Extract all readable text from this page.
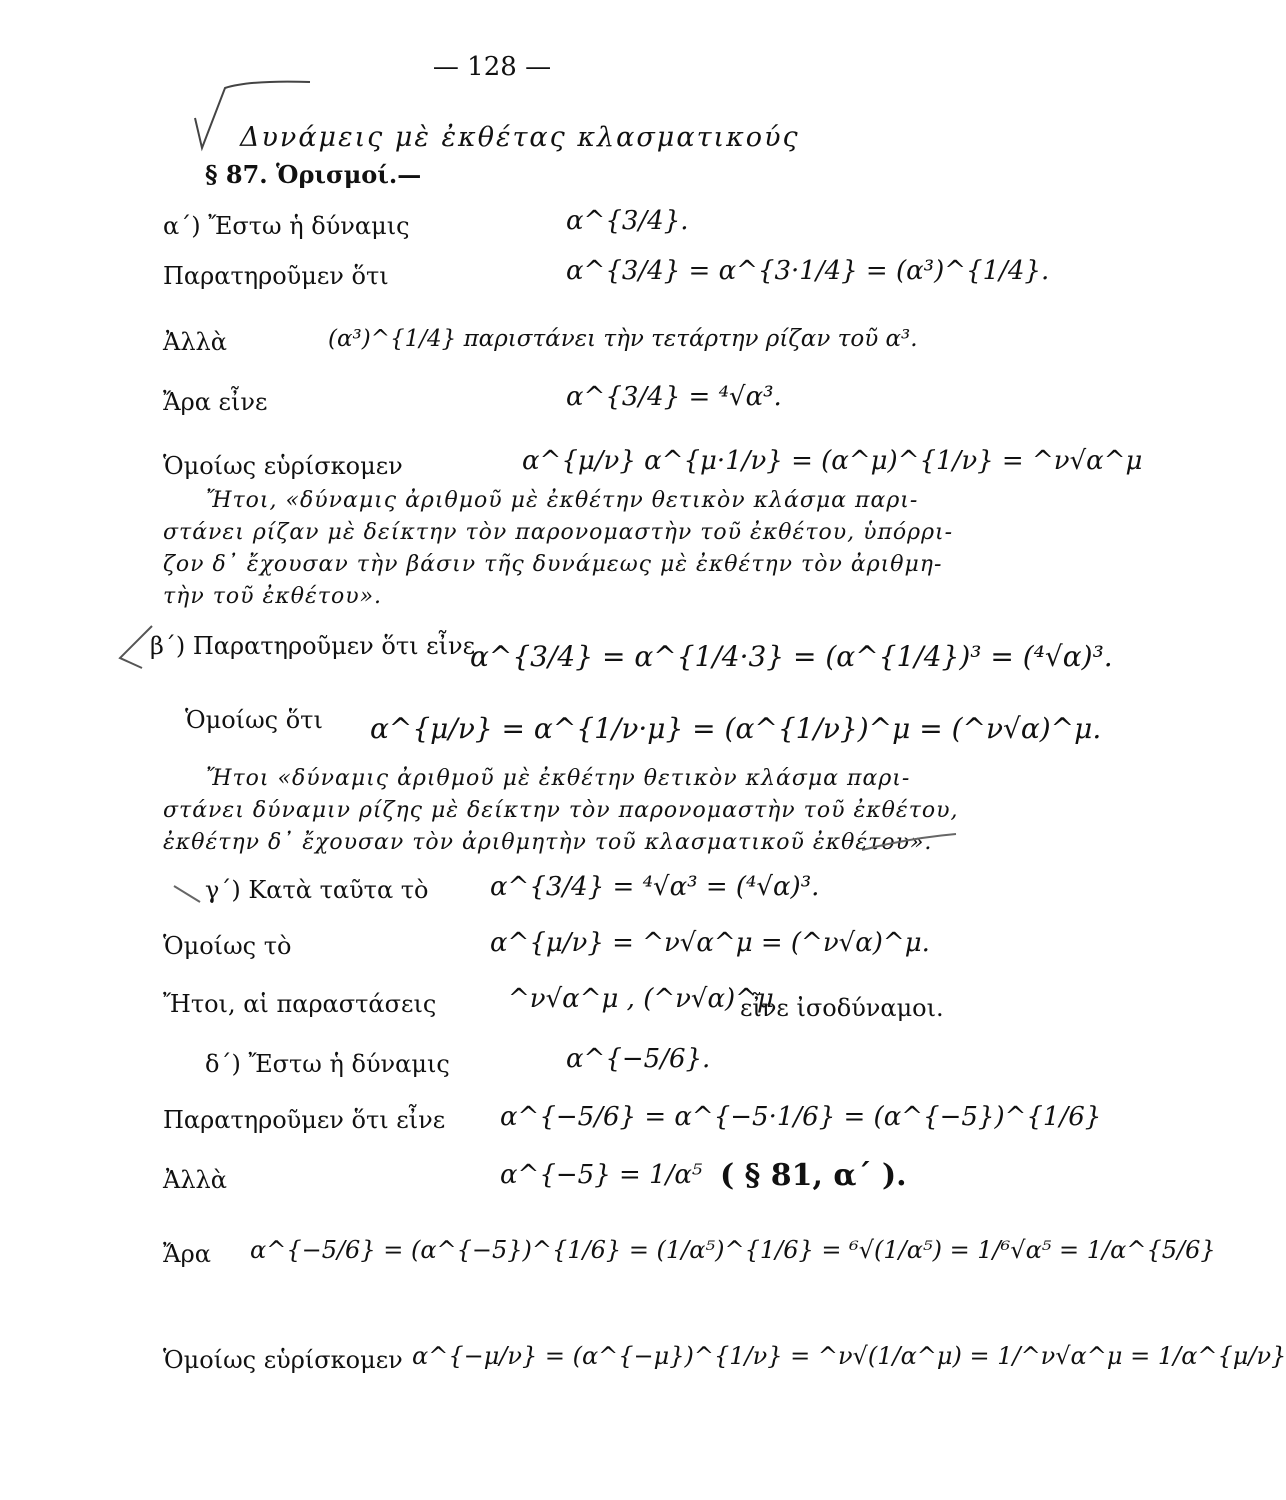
— 128 —
Δυνάμεις μὲ ἐκθέτας κλασματικούς
§ 87. Ὁρισμοί.—
α΄) Ἔστω ἡ δύναμις	α^{3/4}.
Παρατηροῦμεν ὅτι	α^{3/4} = α^{3·1/4} = (α³)^{1/4}.
Ἀλλὰ	(α³)^{1/4} παριστάνει τὴν τετάρτην ρίζαν τοῦ α³.
Ἄρα εἶνε	α^{3/4} = ⁴√α³.
Ὁμοίως εὑρίσκομεν	α^{μ/ν} α^{μ·1/ν} = (α^μ)^{1/ν} = ^ν√α^μ
Ἤτοι, «δύναμις ἀριθμοῦ μὲ ἐκθέτην θετικὸν κλάσμα παρι-
στάνει ρίζαν μὲ δείκτην τὸν παρονομαστὴν τοῦ ἐκθέτου, ὑπόρρι-
ζον δ᾽ ἔχουσαν τὴν βάσιν τῆς δυνάμεως μὲ ἐκθέτην τὸν ἀριθμη-
τὴν τοῦ ἐκθέτου».
β΄) Παρατηροῦμεν ὅτι εἶνε
α^{3/4} = α^{1/4·3} = (α^{1/4})³ = (⁴√α)³.
Ὁμοίως ὅτι α^{μ/ν} = α^{1/ν·μ} = (α^{1/ν})^μ = (^ν√α)^μ.
Ἤτοι «δύναμις ἀριθμοῦ μὲ ἐκθέτην θετικὸν κλάσμα παρι-
στάνει δύναμιν ρίζης μὲ δείκτην τὸν παρονομαστὴν τοῦ ἐκθέτου,
ἐκθέτην δ᾽ ἔχουσαν τὸν ἀριθμητὴν τοῦ κλασματικοῦ ἐκθέτου».
γ΄) Κατὰ ταῦτα τὸ α^{3/4} = ⁴√α³ = (⁴√α)³.
Ὁμοίως τὸ	α^{μ/ν} = ^ν√α^μ = (^ν√α)^μ.
Ἤτοι, αἱ παραστάσεις	^ν√α^μ , (^ν√α)^μ
εἶνε ἰσοδύναμοι.
δ΄) Ἔστω ἡ δύναμις	α^{−5/6}.
Παρατηροῦμεν ὅτι εἶνε α^{−5/6} = α^{−5·1/6} = (α^{−5})^{1/6}
Ἀλλὰ	α^{−5} = 1/α⁵ ( § 81, α΄ ).
Ἄρα α^{−5/6} = (α^{−5})^{1/6} = (1/α⁵)^{1/6} = ⁶√(1/α⁵) = 1/⁶√α⁵ = 1/α^{5/6}
Ὁμοίως εὑρίσκομεν α^{−μ/ν} = (α^{−μ})^{1/ν} = ^ν√(1/α^μ) = 1/^ν√α^μ = 1/α^{μ/ν}
